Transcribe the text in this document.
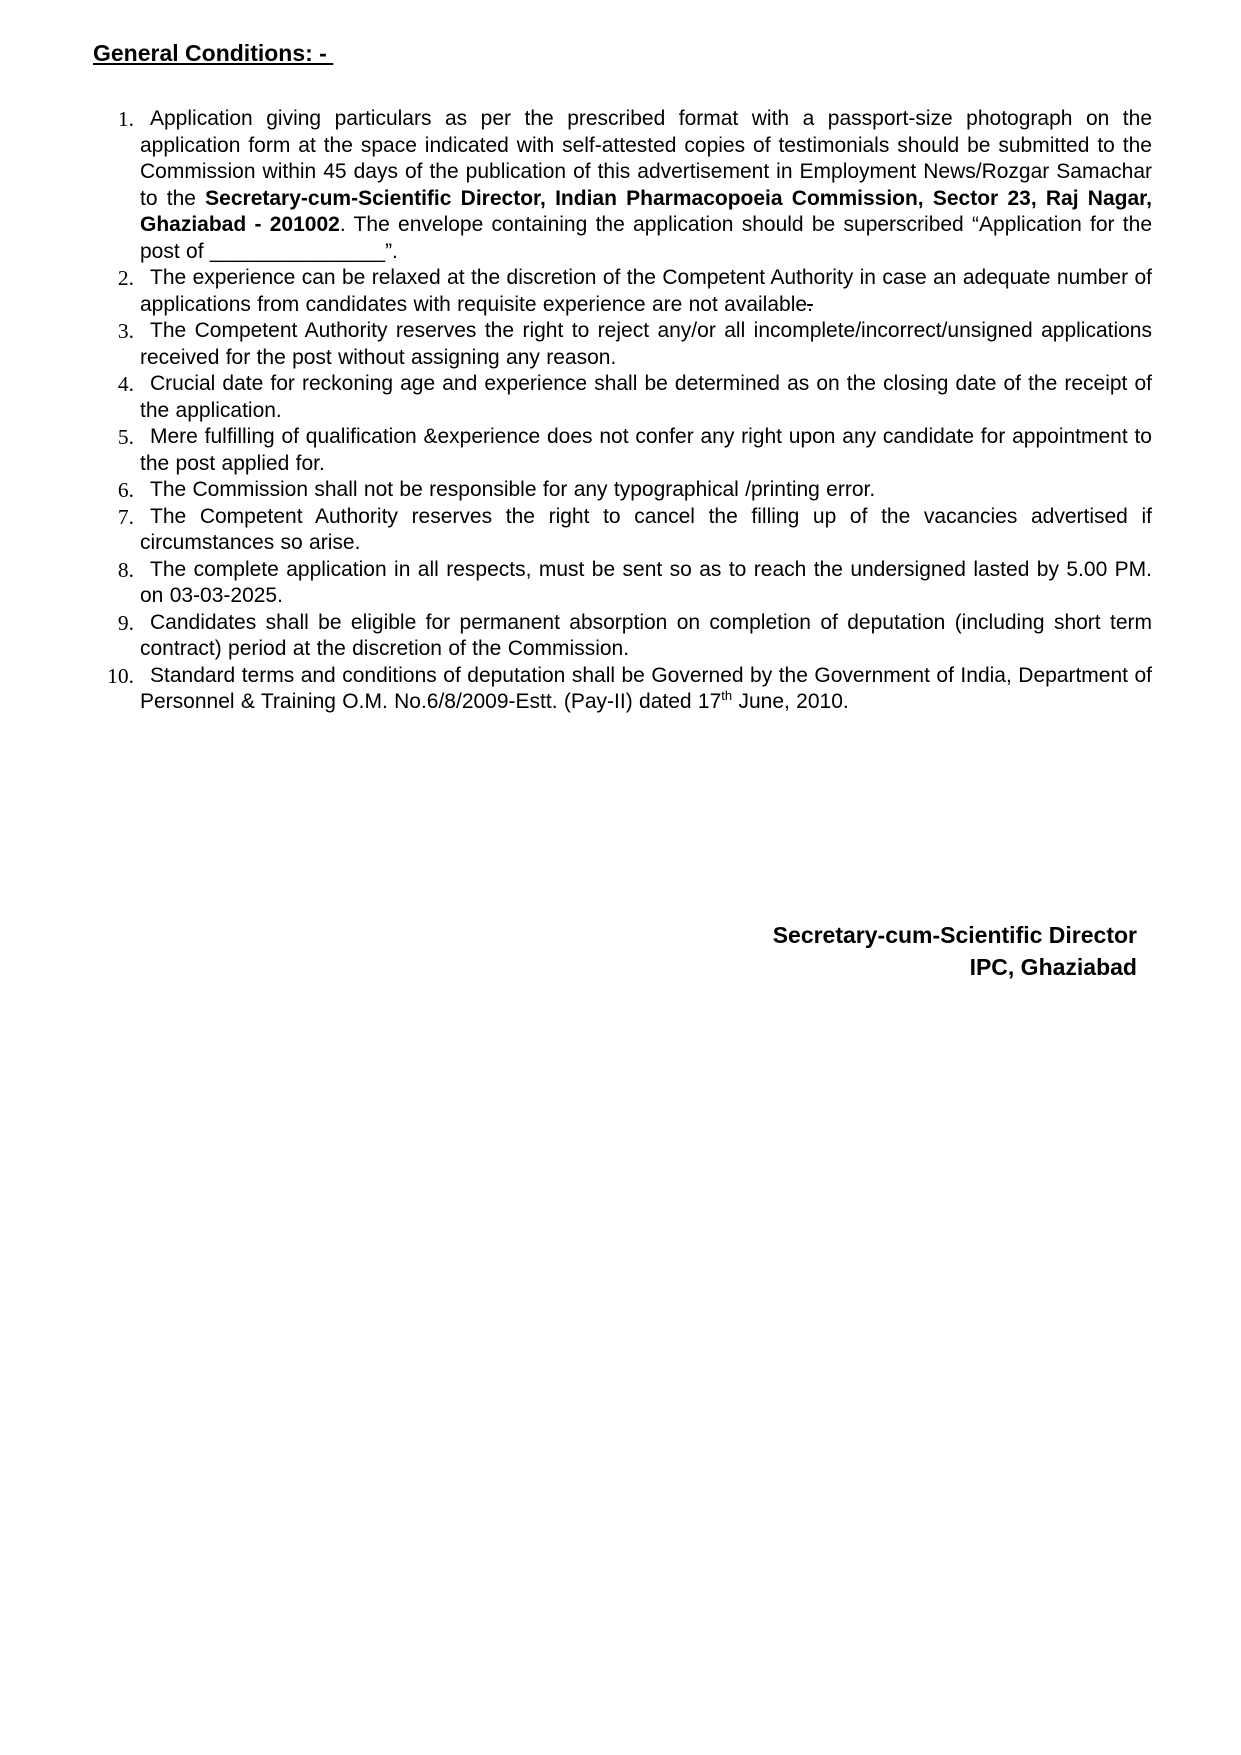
General Conditions: -
1. Application giving particulars as per the prescribed format with a passport-size photograph on the application form at the space indicated with self-attested copies of testimonials should be submitted to the Commission within 45 days of the publication of this advertisement in Employment News/Rozgar Samachar to the Secretary-cum-Scientific Director, Indian Pharmacopoeia Commission, Sector 23, Raj Nagar, Ghaziabad - 201002. The envelope containing the application should be superscribed “Application for the post of _______________”.
2. The experience can be relaxed at the discretion of the Competent Authority in case an adequate number of applications from candidates with requisite experience are not available.
3. The Competent Authority reserves the right to reject any/or all incomplete/incorrect/unsigned applications received for the post without assigning any reason.
4. Crucial date for reckoning age and experience shall be determined as on the closing date of the receipt of the application.
5. Mere fulfilling of qualification &experience does not confer any right upon any candidate for appointment to the post applied for.
6. The Commission shall not be responsible for any typographical /printing error.
7. The Competent Authority reserves the right to cancel the filling up of the vacancies advertised if circumstances so arise.
8. The complete application in all respects, must be sent so as to reach the undersigned lasted by 5.00 PM. on 03-03-2025.
9. Candidates shall be eligible for permanent absorption on completion of deputation (including short term contract) period at the discretion of the Commission.
10. Standard terms and conditions of deputation shall be Governed by the Government of India, Department of Personnel & Training O.M. No.6/8/2009-Estt. (Pay-II) dated 17th June, 2010.
Secretary-cum-Scientific Director
IPC, Ghaziabad
